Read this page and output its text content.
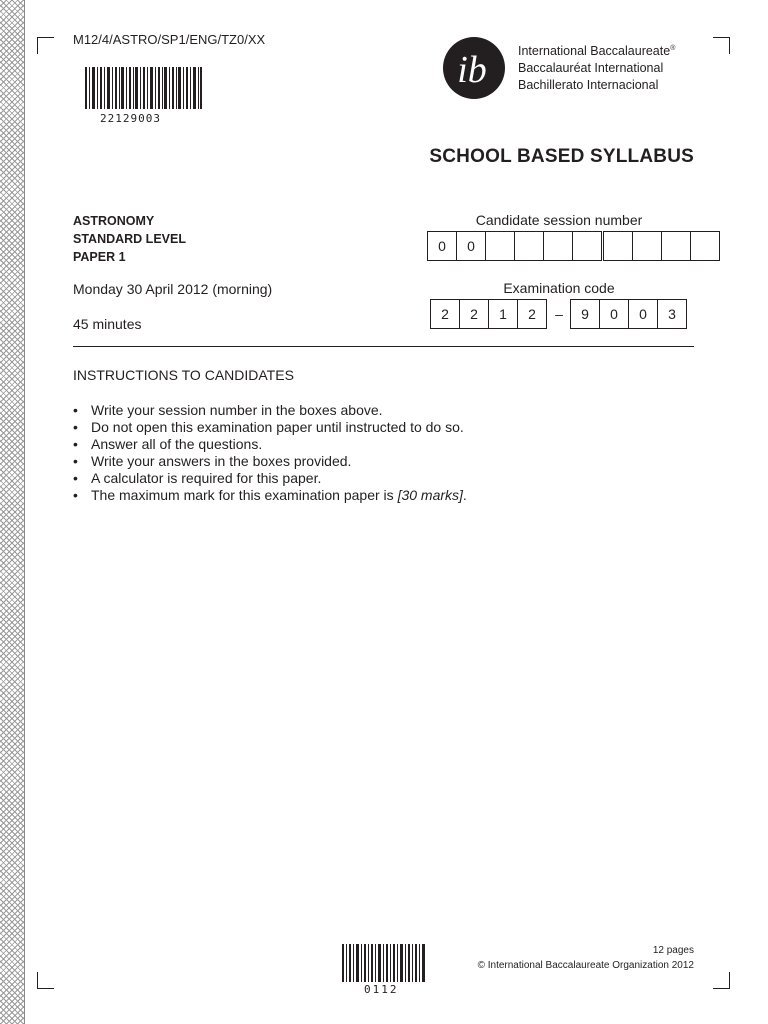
M12/4/ASTRO/SP1/ENG/TZ0/XX
22129003
ib International Baccalaureate®
Baccalauréat International
Bachillerato Internacional
SCHOOL BASED SYLLABUS
ASTRONOMY
STANDARD LEVEL
PAPER 1
Monday 30 April 2012 (morning)
45 minutes
Candidate session number
0	0
Examination code
2	2	1	2	–	9	0	0	3
INSTRUCTIONS TO CANDIDATES
• Write your session number in the boxes above.
• Do not open this examination paper until instructed to do so.
• Answer all of the questions.
• Write your answers in the boxes provided.
• A calculator is required for this paper.
• The maximum mark for this examination paper is [30 marks].
0112
12 pages
© International Baccalaureate Organization 2012
